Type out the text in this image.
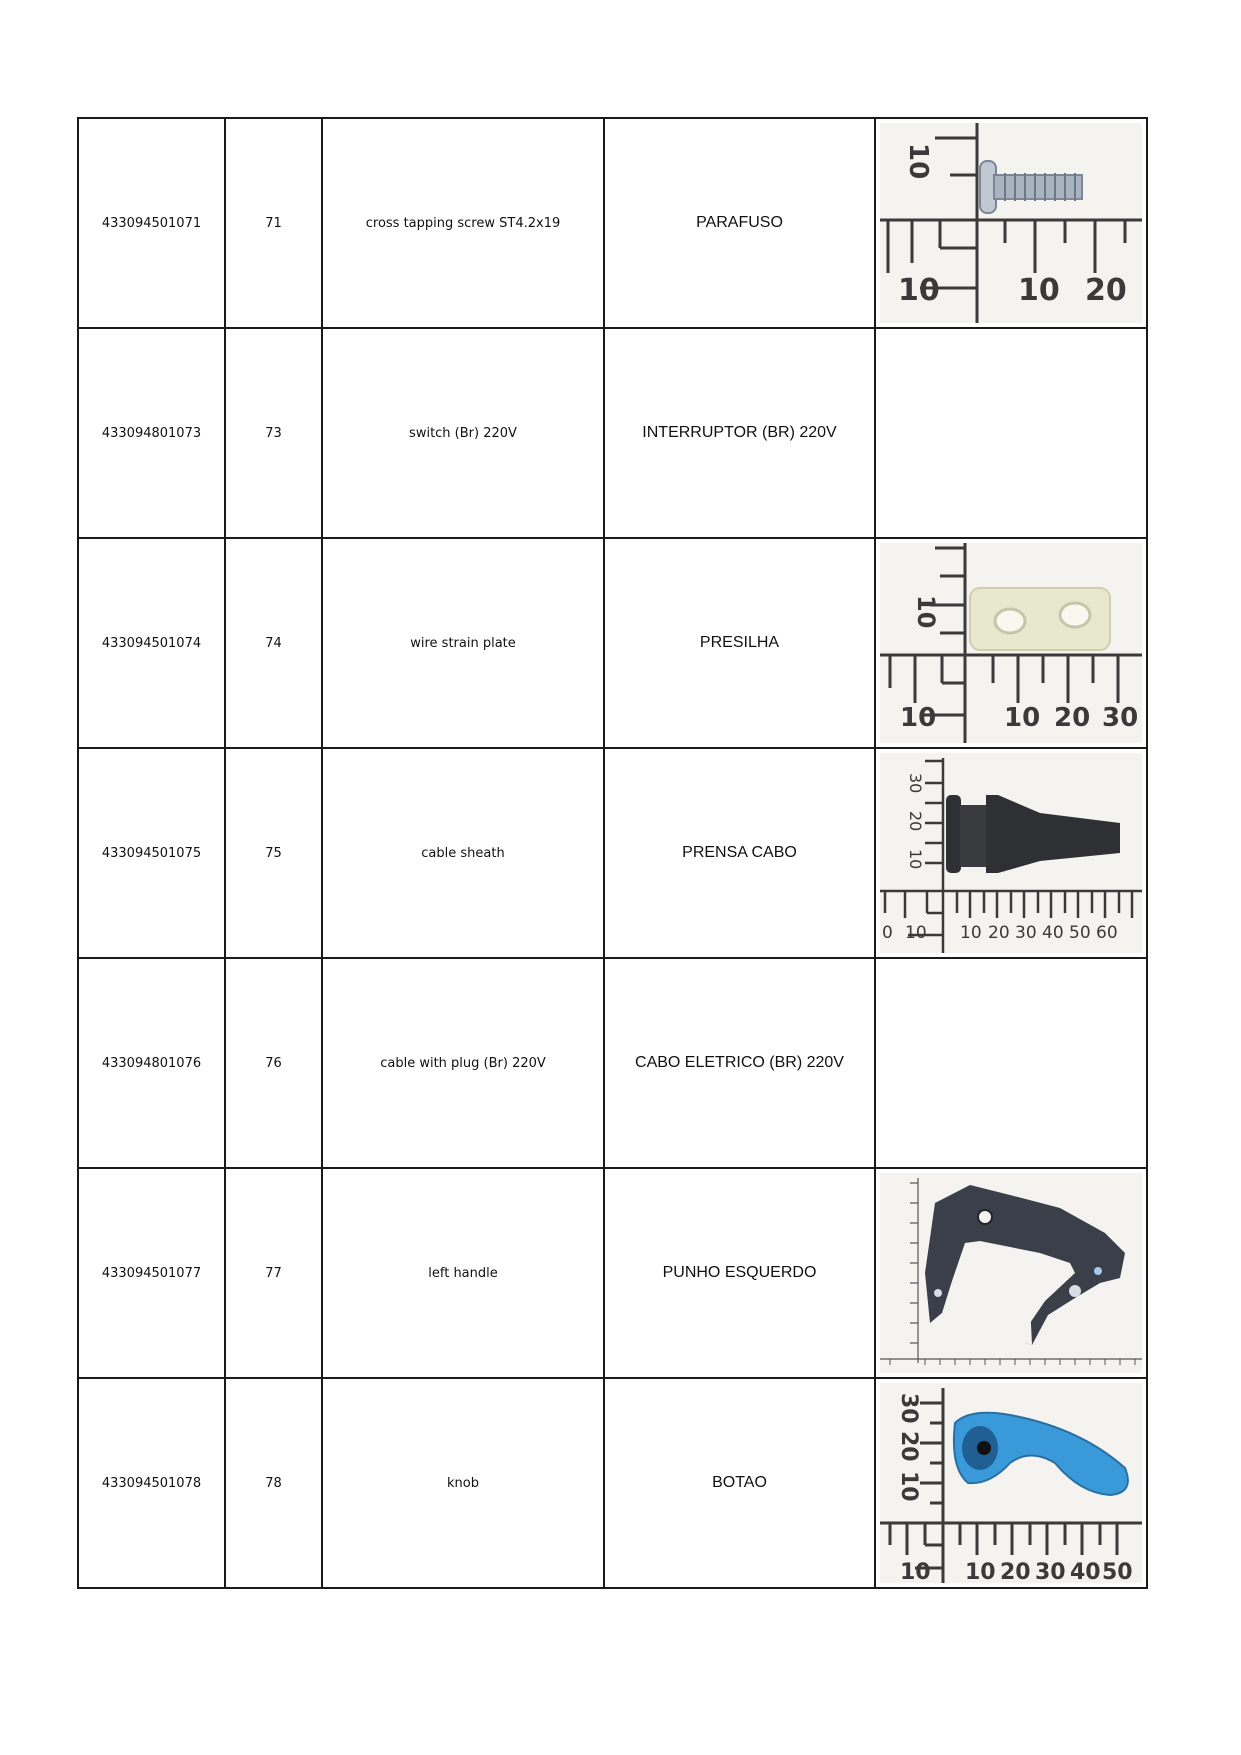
433094501071	71	cross tapping screw ST4.2x19	PARAFUSO	10
10 10 20

433094801073	73	switch (Br) 220V	INTERRUPTOR (BR) 220V	
433094501074	74	wire strain plate	PRESILHA	10
10 10 20 30

433094501075	75	cable sheath	PRENSA CABO	
30
20
10
0 10 10 20 30 40 50 60

433094801076	76	cable with plug (Br) 220V	CABO ELETRICO (BR) 220V	
433094501077	77	left handle	PUNHO ESQUERDO	

433094501078	78	knob	BOTAO	
30
20
10
10 10 20 30 40 50
